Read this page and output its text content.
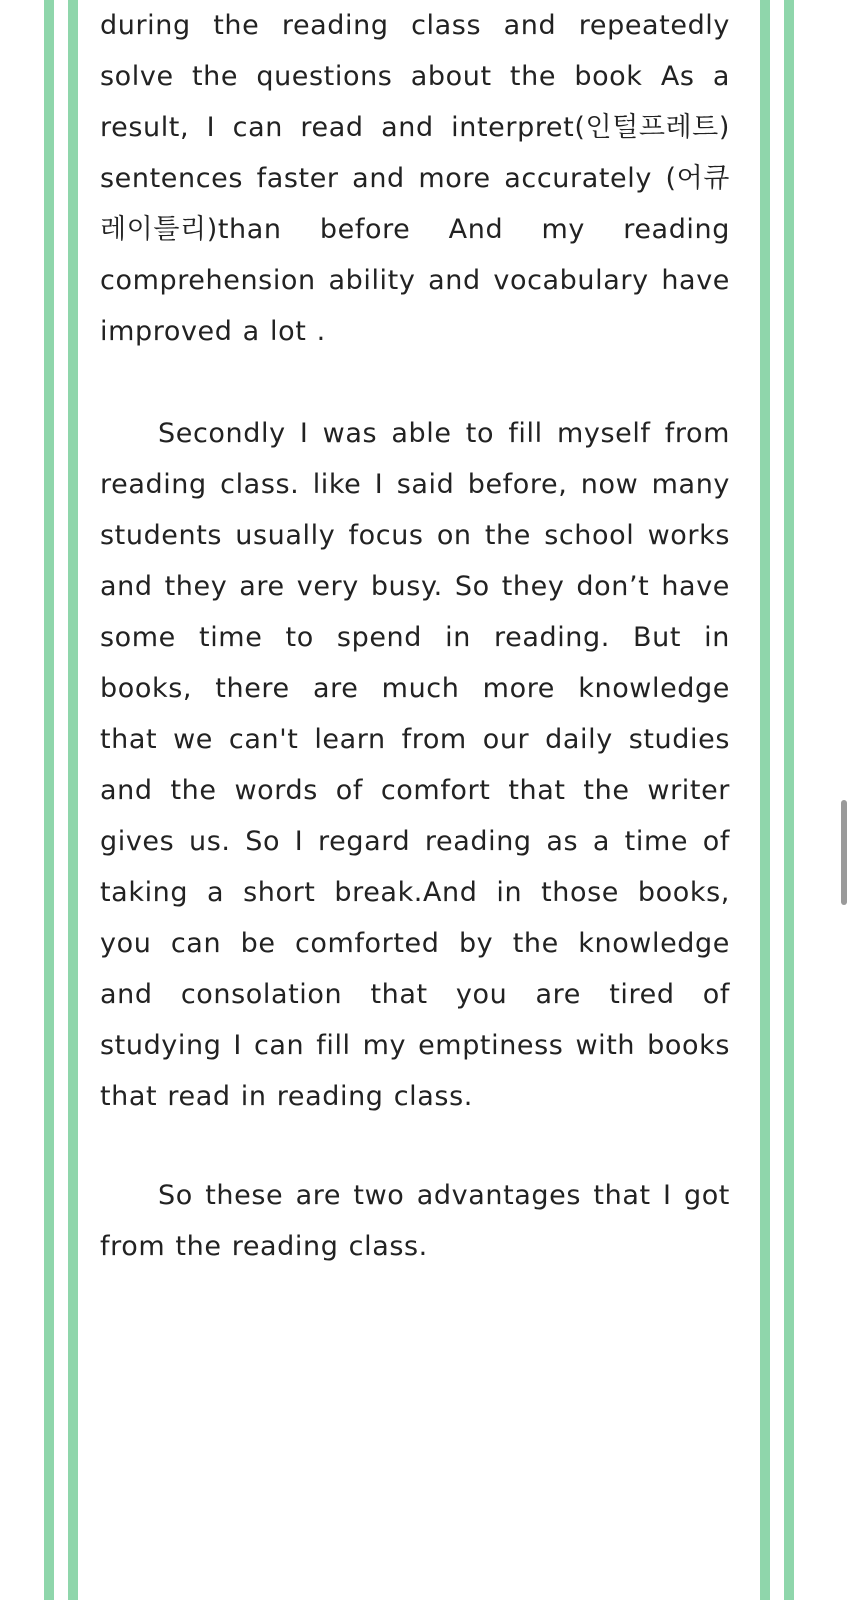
during the reading class and repeatedly solve the questions about the book As a result, I can read and interpret(인털프레트) sentences faster and more accurately (어큐레이틀리)than before And my reading comprehension ability and vocabulary have improved a lot .

Secondly I was able to fill myself from reading class. like I said before, now many students usually focus on the school works and they are very busy. So they don’t have some time to spend in reading. But in books, there are much more knowledge that we can't learn from our daily studies and the words of comfort that the writer gives us. So I regard reading as a time of taking a short break.And in those books, you can be comforted by the knowledge and consolation that you are tired of studying I can fill my emptiness with books that read in reading class.

So these are two advantages that I got from the reading class.
